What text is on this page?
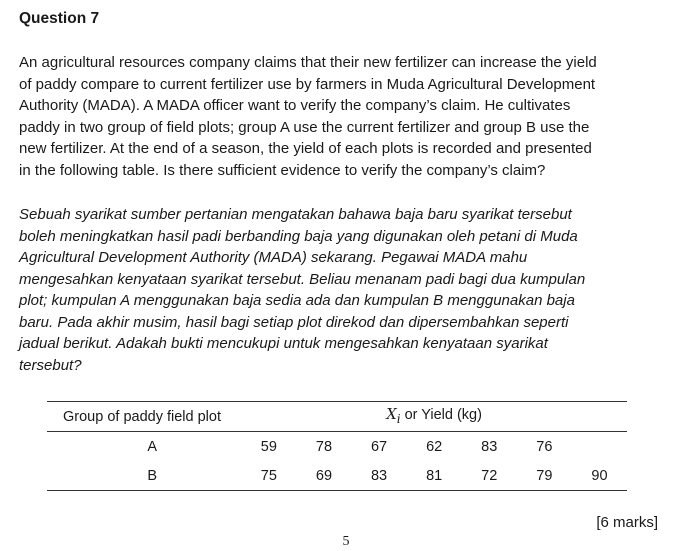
Question 7

An agricultural resources company claims that their new fertilizer can increase the yield
of paddy compare to current fertilizer use by farmers in Muda Agricultural Development
Authority (MADA). A MADA officer want to verify the company’s claim. He cultivates
paddy in two group of field plots; group A use the current fertilizer and group B use the
new fertilizer. At the end of a season, the yield of each plots is recorded and presented
in the following table. Is there sufficient evidence to verify the company’s claim?

Sebuah syarikat sumber pertanian mengatakan bahawa baja baru syarikat tersebut
boleh meningkatkan hasil padi berbanding baja yang digunakan oleh petani di Muda
Agricultural Development Authority (MADA) sekarang. Pegawai MADA mahu
mengesahkan kenyataan syarikat tersebut. Beliau menanam padi bagi dua kumpulan
plot; kumpulan A menggunakan baja sedia ada dan kumpulan B menggunakan baja
baru. Pada akhir musim, hasil bagi setiap plot direkod dan dipersembahkan seperti
jadual berikut. Adakah bukti mencukupi untuk mengesahkan kenyataan syarikat
tersebut?

Group of paddy field plot	$X_i$ or Yield (kg)						
A	59	78	67	62	83	76	
B	75	69	83	81	72	79	90
[6 marks]
5
